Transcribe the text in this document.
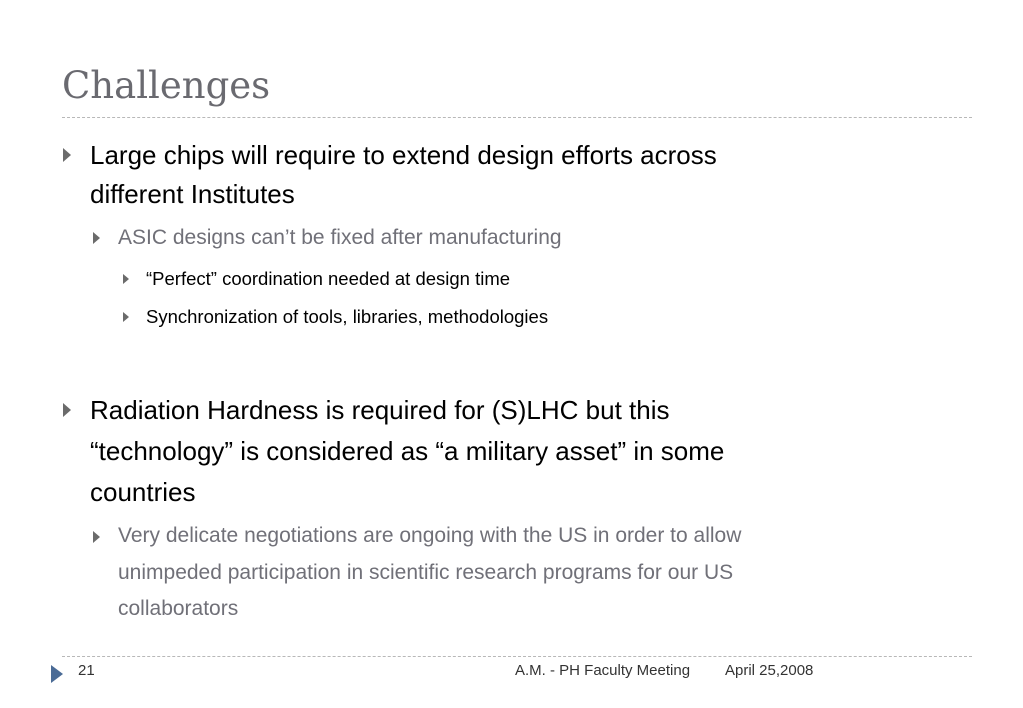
Challenges
Large chips will require to extend design efforts across
different Institutes
ASIC designs can’t be fixed after manufacturing
“Perfect” coordination needed at design time
Synchronization of tools, libraries, methodologies
Radiation Hardness is required for (S)LHC but this
“technology” is considered as “a military asset” in some
countries
Very delicate negotiations are ongoing with the US in order to allow
unimpeded participation in scientific research programs for our US
collaborators
21	A.M. - PH Faculty Meeting April 25,2008
